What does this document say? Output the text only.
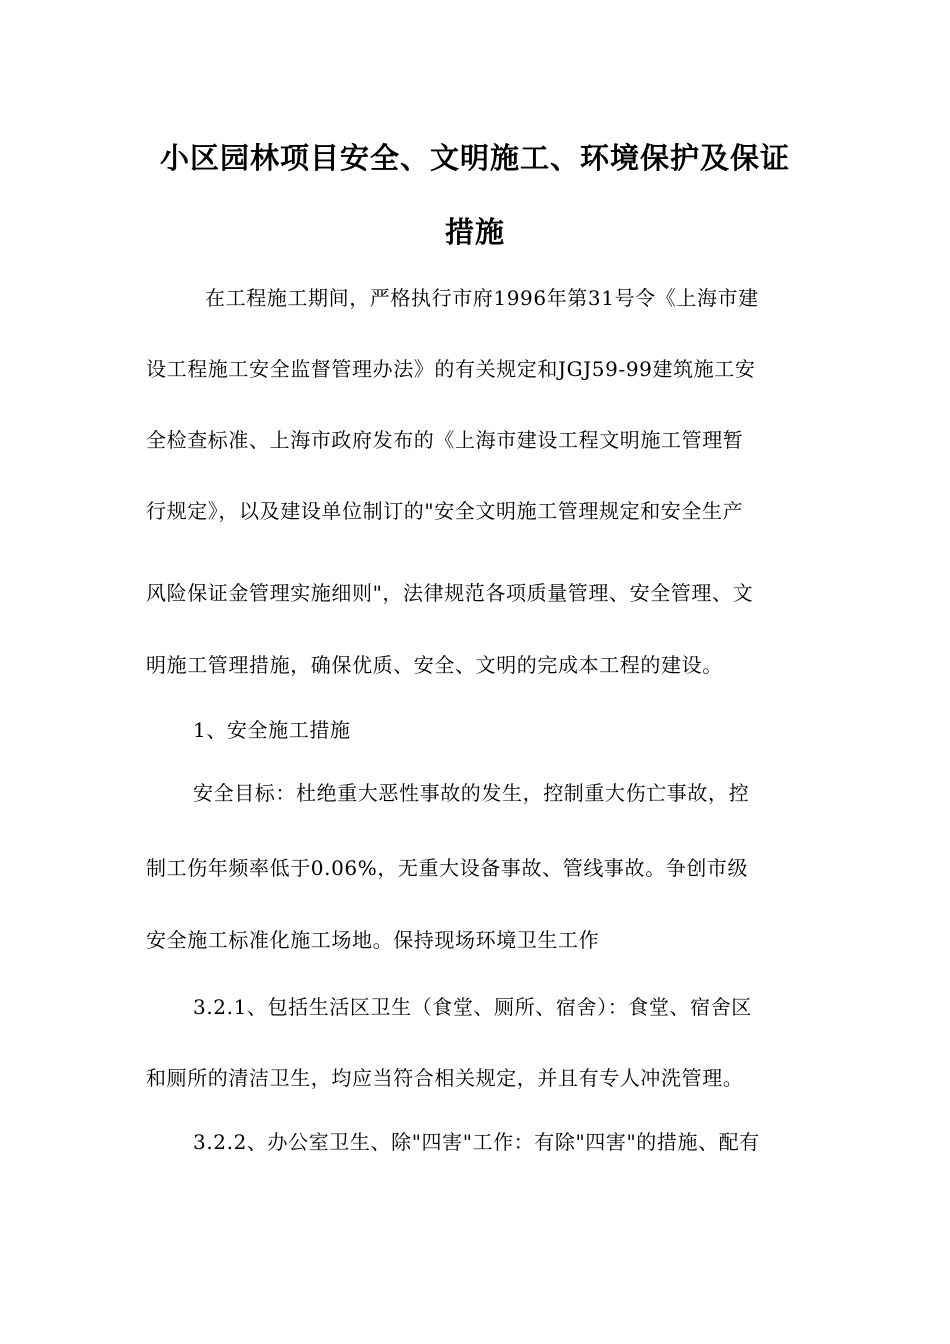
小区园林项目安全、文明施工、环境保护及保证
措施
在工程施工期间，严格执行市府1996年第31号令《上海市建
设工程施工安全监督管理办法》的有关规定和JGJ59-99建筑施工安
全检查标准、上海市政府发布的《上海市建设工程文明施工管理暂
行规定》，以及建设单位制订的"安全文明施工管理规定和安全生产
风险保证金管理实施细则"，法律规范各项质量管理、安全管理、文
明施工管理措施，确保优质、安全、文明的完成本工程的建设。
1、安全施工措施
安全目标：杜绝重大恶性事故的发生，控制重大伤亡事故，控
制工伤年频率低于0.06%，无重大设备事故、管线事故。争创市级
安全施工标准化施工场地。保持现场环境卫生工作
3.2.1、包括生活区卫生（食堂、厕所、宿舍）：食堂、宿舍区
和厕所的清洁卫生，均应当符合相关规定，并且有专人冲洗管理。
3.2.2、办公室卫生、除"四害"工作：有除"四害"的措施、配有
